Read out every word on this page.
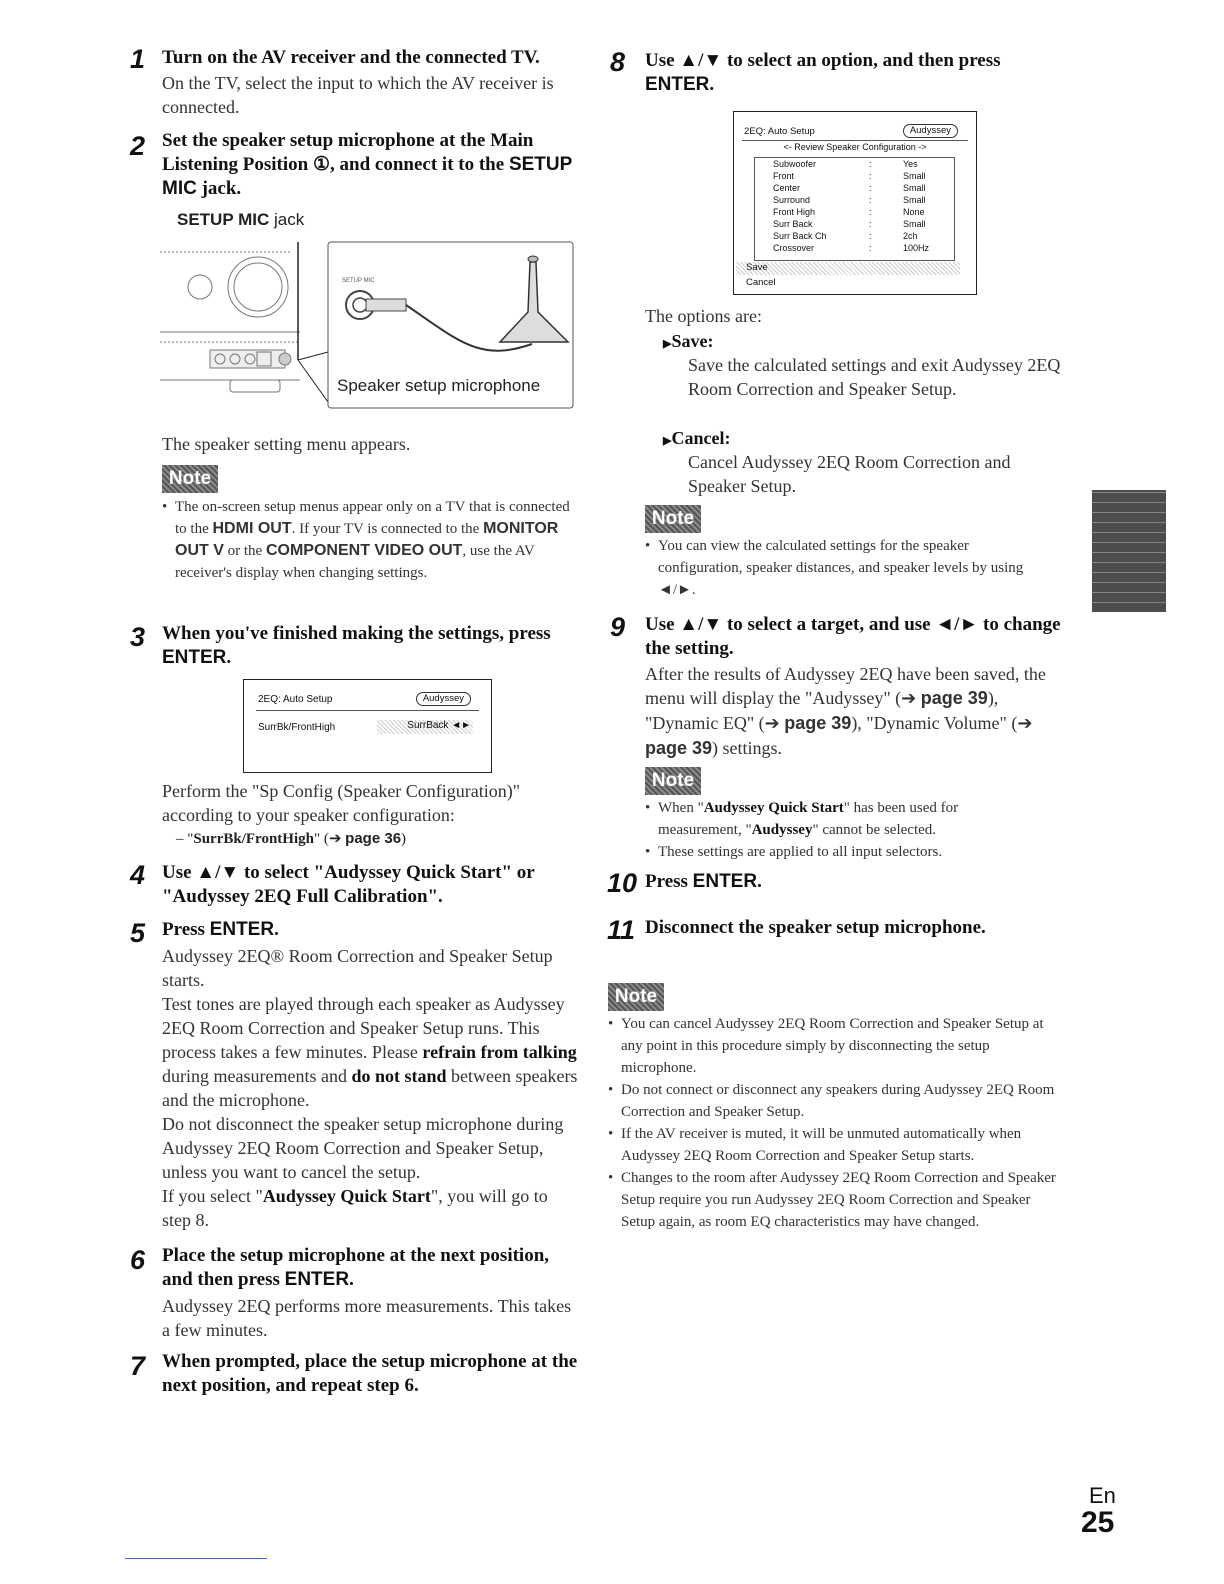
1 Turn on the AV receiver and the connected TV.
On the TV, select the input to which the AV receiver is connected.
2 Set the speaker setup microphone at the Main Listening Position ①, and connect it to the SETUP MIC jack.
SETUP MIC jack
SETUP MIC
Speaker setup microphone
The speaker setting menu appears.
Note
• The on-screen setup menus appear only on a TV that is connected to the HDMI OUT. If your TV is connected to the MONITOR OUT V or the COMPONENT VIDEO OUT, use the AV receiver's display when changing settings.
3 When you've finished making the settings, press ENTER.
2EQ: Auto Setup	Audyssey
SurrBk/FrontHigh	SurrBack ◄►
Perform the "Sp Config (Speaker Configuration)" according to your speaker configuration:
– "SurrBk/FrontHigh" (➔ page 36)
4 Use ▲/▼ to select "Audyssey Quick Start" or "Audyssey 2EQ Full Calibration".
5 Press ENTER.
Audyssey 2EQ® Room Correction and Speaker Setup starts.
Test tones are played through each speaker as Audyssey 2EQ Room Correction and Speaker Setup runs. This process takes a few minutes. Please refrain from talking during measurements and do not stand between speakers and the microphone.
Do not disconnect the speaker setup microphone during Audyssey 2EQ Room Correction and Speaker Setup, unless you want to cancel the setup.
If you select "Audyssey Quick Start", you will go to step 8.
6 Place the setup microphone at the next position, and then press ENTER.
Audyssey 2EQ performs more measurements. This takes a few minutes.
7 When prompted, place the setup microphone at the next position, and repeat step 6.
8 Use ▲/▼ to select an option, and then press ENTER.
2EQ: Auto Setup	Audyssey
<- Review Speaker Configuration ->
Subwoofer	:	Yes
Front	:	Small
Center	:	Small
Surround	:	Small
Front High	:	None
Surr Back	:	Small
Surr Back Ch	:	2ch
Crossover	:	100Hz
Save
Cancel
The options are:
▶Save:
Save the calculated settings and exit Audyssey 2EQ Room Correction and Speaker Setup.
▶Cancel:
Cancel Audyssey 2EQ Room Correction and Speaker Setup.
Note
• You can view the calculated settings for the speaker configuration, speaker distances, and speaker levels by using ◄/►.
9 Use ▲/▼ to select a target, and use ◄/► to change the setting.
After the results of Audyssey 2EQ have been saved, the menu will display the "Audyssey" (➔ page 39), "Dynamic EQ" (➔ page 39), "Dynamic Volume" (➔ page 39) settings.
Note
• When "Audyssey Quick Start" has been used for measurement, "Audyssey" cannot be selected.
• These settings are applied to all input selectors.
10 Press ENTER.
11 Disconnect the speaker setup microphone.
Note
• You can cancel Audyssey 2EQ Room Correction and Speaker Setup at any point in this procedure simply by disconnecting the setup microphone.
• Do not connect or disconnect any speakers during Audyssey 2EQ Room Correction and Speaker Setup.
• If the AV receiver is muted, it will be unmuted automatically when Audyssey 2EQ Room Correction and Speaker Setup starts.
• Changes to the room after Audyssey 2EQ Room Correction and Speaker Setup require you run Audyssey 2EQ Room Correction and Speaker Setup again, as room EQ characteristics may have changed.
En
25
